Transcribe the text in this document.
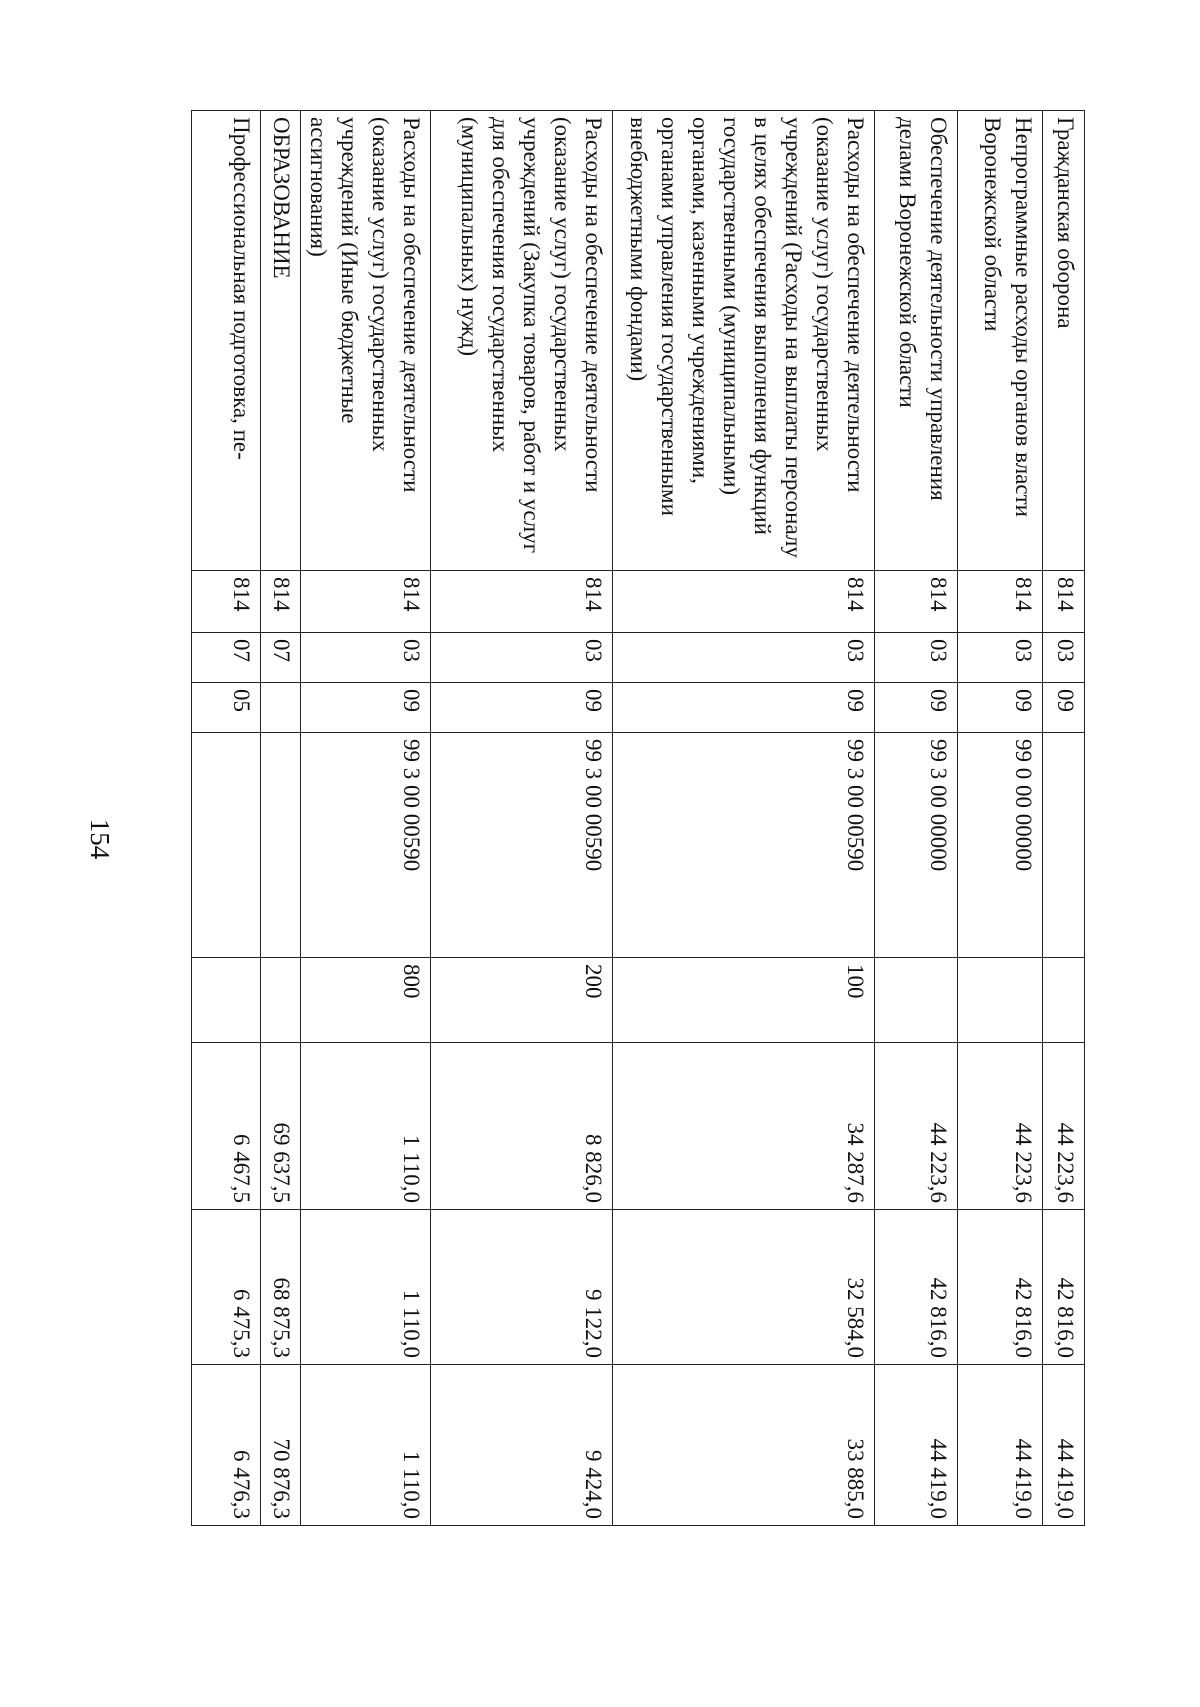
154
Гражданская оборона	814	03	09			44 223,6	42 816,0	44 419,0
Непрограммные расходы органов власти Воронежской области	814	03	09	99 0 00 00000		44 223,6	42 816,0	44 419,0
Обеспечение деятельности управления делами Воронежской области	814	03	09	99 3 00 00000		44 223,6	42 816,0	44 419,0
Расходы на обеспечение деятельности (оказание услуг) государственных учреждений (Расходы на выплаты персоналу в целях обеспечения выполнения функций государственными (муниципальными) органами, казенными учреждениями, органами управления государственными внебюджетными фондами)	814	03	09	99 3 00 00590	100	34 287,6	32 584,0	33 885,0
Расходы на обеспечение деятельности (оказание услуг) государственных учреждений (Закупка товаров, работ и услуг для обеспечения государственных (муниципальных) нужд)	814	03	09	99 3 00 00590	200	8 826,0	9 122,0	9 424,0
Расходы на обеспечение деятельности (оказание услуг) государственных учреждений (Иные бюджетные ассигнования)	814	03	09	99 3 00 00590	800	1 110,0	1 110,0	1 110,0
ОБРАЗОВАНИЕ	814	07				69 637,5	68 875,3	70 876,3
Профессиональная подготовка, пе-	814	07	05			6 467,5	6 475,3	6 476,3
